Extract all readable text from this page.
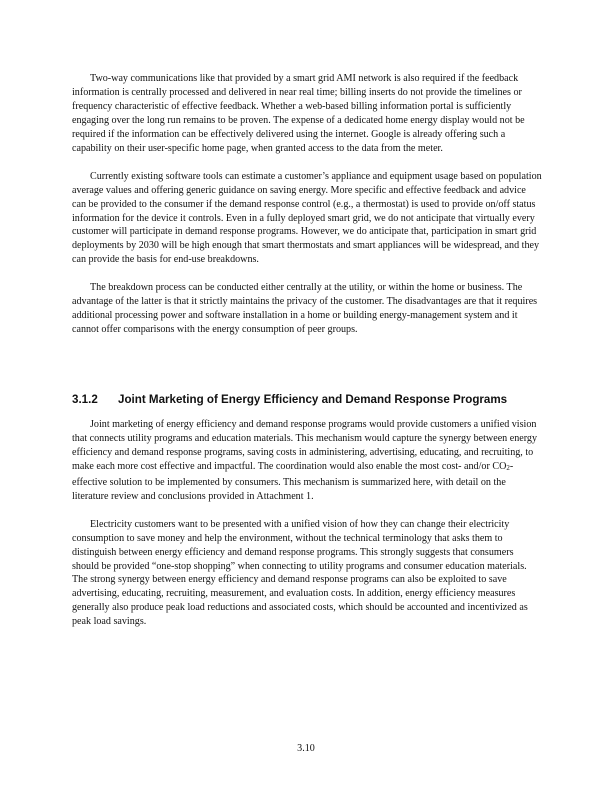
Two-way communications like that provided by a smart grid AMI network is also required if the feedback information is centrally processed and delivered in near real time; billing inserts do not provide the timelines or frequency characteristic of effective feedback. Whether a web-based billing information portal is sufficiently engaging over the long run remains to be proven. The expense of a dedicated home energy display would not be required if the information can be effectively delivered using the internet. Google is already offering such a capability on their user-specific home page, when granted access to the data from the meter.

Currently existing software tools can estimate a customer’s appliance and equipment usage based on population average values and offering generic guidance on saving energy. More specific and effective feedback and advice can be provided to the consumer if the demand response control (e.g., a thermostat) is used to provide on/off status information for the device it controls. Even in a fully deployed smart grid, we do not anticipate that virtually every customer will participate in demand response programs. However, we do anticipate that, participation in smart grid deployments by 2030 will be high enough that smart thermostats and smart appliances will be widespread, and they can provide the basis for end-use breakdowns.

The breakdown process can be conducted either centrally at the utility, or within the home or business. The advantage of the latter is that it strictly maintains the privacy of the customer. The disadvantages are that it requires additional processing power and software installation in a home or building energy-management system and it cannot offer comparisons with the energy consumption of peer groups.

3.1.2 Joint Marketing of Energy Efficiency and Demand Response Programs

Joint marketing of energy efficiency and demand response programs would provide customers a unified vision that connects utility programs and education materials. This mechanism would capture the synergy between energy efficiency and demand response programs, saving costs in administering, advertising, educating, and recruiting, to make each more cost effective and impactful. The coordination would also enable the most cost- and/or CO2-effective solution to be implemented by consumers. This mechanism is summarized here, with detail on the literature review and conclusions provided in Attachment 1.

Electricity customers want to be presented with a unified vision of how they can change their electricity consumption to save money and help the environment, without the technical terminology that asks them to distinguish between energy efficiency and demand response programs. This strongly suggests that consumers should be provided “one-stop shopping” when connecting to utility programs and consumer education materials. The strong synergy between energy efficiency and demand response programs can also be exploited to save advertising, educating, recruiting, measurement, and evaluation costs. In addition, energy efficiency measures generally also produce peak load reductions and associated costs, which should be accounted and incentivized as peak load savings.

3.10
